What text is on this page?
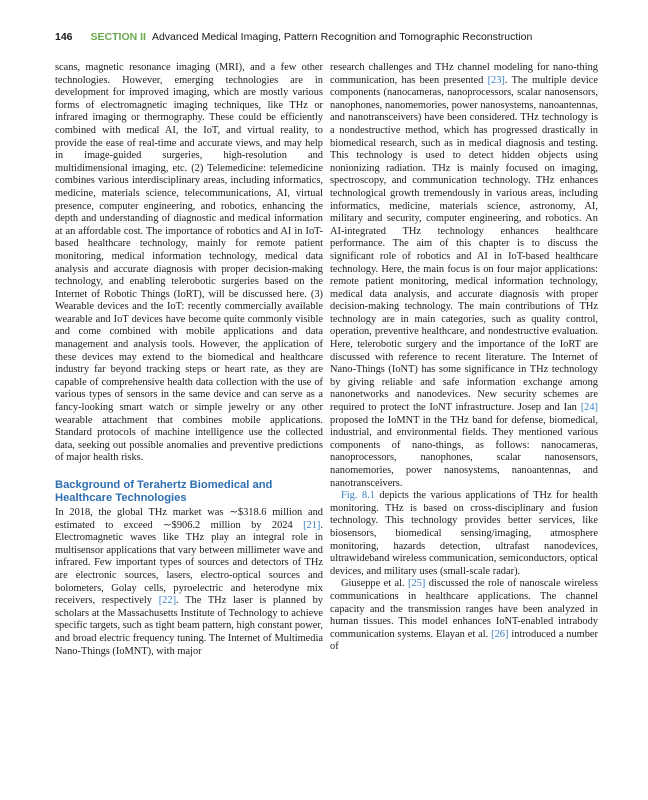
146 SECTION II Advanced Medical Imaging, Pattern Recognition and Tomographic Reconstruction

scans, magnetic resonance imaging (MRI), and a few other technologies. However, emerging technologies are in development for improved imaging, which are mostly various forms of electromagnetic imaging techniques, like THz or infrared imaging or thermography. These could be efficiently combined with medical AI, the IoT, and virtual reality, to provide the ease of real-time and accurate views, and may help in image-guided surgeries, high-resolution and multidimensional imaging, etc. (2) Telemedicine: telemedicine combines various interdisciplinary areas, including informatics, medicine, materials science, telecommunications, AI, virtual presence, computer engineering, and robotics, enhancing the depth and understanding of diagnostic and medical information at an affordable cost. The importance of robotics and AI in IoT-based healthcare technology, mainly for remote patient monitoring, medical information technology, medical data analysis and accurate diagnosis with proper decision-making technology, and enabling telerobotic surgeries based on the Internet of Robotic Things (IoRT), will be discussed here. (3) Wearable devices and the IoT: recently commercially available wearable and IoT devices have become quite commonly visible and come combined with mobile applications and data management and analysis tools. However, the application of these devices may extend to the biomedical and healthcare industry far beyond tracking steps or heart rate, as they are capable of comprehensive health data collection with the use of various types of sensors in the same device and can serve as a fancy-looking smart watch or simple jewelry or any other wearable attachment that combines mobile applications. Standard protocols of machine intelligence use the collected data, seeking out possible anomalies and preventive predictions of major health risks.

Background of Terahertz Biomedical and Healthcare Technologies

In 2018, the global THz market was ∼$318.6 million and estimated to exceed ∼$906.2 million by 2024 [21]. Electromagnetic waves like THz play an integral role in multisensor applications that vary between millimeter wave and infrared. Few important types of sources and detectors of THz are electronic sources, lasers, electro-optical sources and bolometers, Golay cells, pyroelectric and heterodyne mix receivers, respectively [22]. The THz laser is planned by scholars at the Massachusetts Institute of Technology to achieve specific targets, such as tight beam pattern, high constant power, and broad electric frequency tuning. The Internet of Multimedia Nano-Things (IoMNT), with major

research challenges and THz channel modeling for nano-thing communication, has been presented [23]. The multiple device components (nanocameras, nanoprocessors, scalar nanosensors, nanophones, nanomemories, power nanosystems, nanoantennas, and nanotransceivers) have been considered. THz technology is a nondestructive method, which has progressed drastically in biomedical research, such as in medical diagnosis and testing. This technology is used to detect hidden objects using nonionizing radiation. THz is mainly focused on imaging, spectroscopy, and communication technology. THz enhances technological growth tremendously in various areas, including informatics, medicine, materials science, astronomy, AI, military and security, computer engineering, and robotics. An AI-integrated THz technology enhances healthcare performance. The aim of this chapter is to discuss the significant role of robotics and AI in IoT-based healthcare technology. Here, the main focus is on four major applications: remote patient monitoring, medical information technology, medical data analysis, and accurate diagnosis with proper decision-making technology. The main contributions of THz technology are in main categories, such as quality control, operation, preventive healthcare, and nondestructive evaluation. Here, telerobotic surgery and the importance of the IoRT are discussed with reference to recent literature. The Internet of Nano-Things (IoNT) has some significance in THz technology by giving reliable and safe information exchange among nanonetworks and nanodevices. New security schemes are required to protect the IoNT infrastructure. Josep and Ian [24] proposed the IoMNT in the THz band for defense, biomedical, industrial, and environmental fields. They mentioned various components of nano-things, as follows: nanocameras, nanoprocessors, nanophones, scalar nanosensors, nanomemories, power nanosystems, nanoantennas, and nanotransceivers.

Fig. 8.1 depicts the various applications of THz for health monitoring. THz is based on cross-disciplinary and fusion technology. This technology provides better services, like biosensors, biomedical sensing/imaging, atmosphere monitoring, hazards detection, ultrafast nanodevices, ultrawideband wireless communication, semiconductors, optical devices, and military uses (small-scale radar).

Giuseppe et al. [25] discussed the role of nanoscale wireless communications in healthcare applications. The channel capacity and the transmission ranges have been analyzed in human tissues. This model enhances IoNT-enabled intrabody communication systems. Elayan et al. [26] introduced a number of
